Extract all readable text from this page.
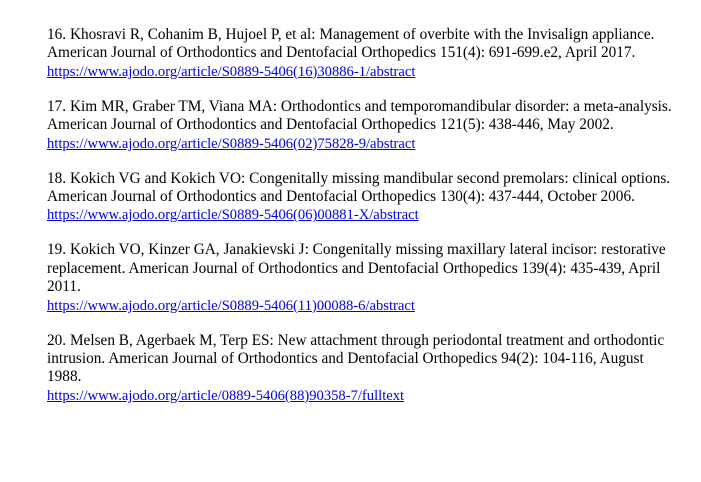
16. Khosravi R, Cohanim B, Hujoel P, et al: Management of overbite with the Invisalign appliance. American Journal of Orthodontics and Dentofacial Orthopedics 151(4): 691-699.e2, April 2017.

https://www.ajodo.org/article/S0889-5406(16)30886-1/abstract

17. Kim MR, Graber TM, Viana MA: Orthodontics and temporomandibular disorder: a meta-analysis. American Journal of Orthodontics and Dentofacial Orthopedics 121(5): 438-446, May 2002.

https://www.ajodo.org/article/S0889-5406(02)75828-9/abstract

18. Kokich VG and Kokich VO: Congenitally missing mandibular second premolars: clinical options. American Journal of Orthodontics and Dentofacial Orthopedics 130(4): 437-444, October 2006.

https://www.ajodo.org/article/S0889-5406(06)00881-X/abstract

19. Kokich VO, Kinzer GA, Janakievski J: Congenitally missing maxillary lateral incisor: restorative replacement. American Journal of Orthodontics and Dentofacial Orthopedics 139(4): 435-439, April 2011.

https://www.ajodo.org/article/S0889-5406(11)00088-6/abstract

20. Melsen B, Agerbaek M, Terp ES: New attachment through periodontal treatment and orthodontic intrusion. American Journal of Orthodontics and Dentofacial Orthopedics 94(2): 104-116, August 1988.

https://www.ajodo.org/article/0889-5406(88)90358-7/fulltext
